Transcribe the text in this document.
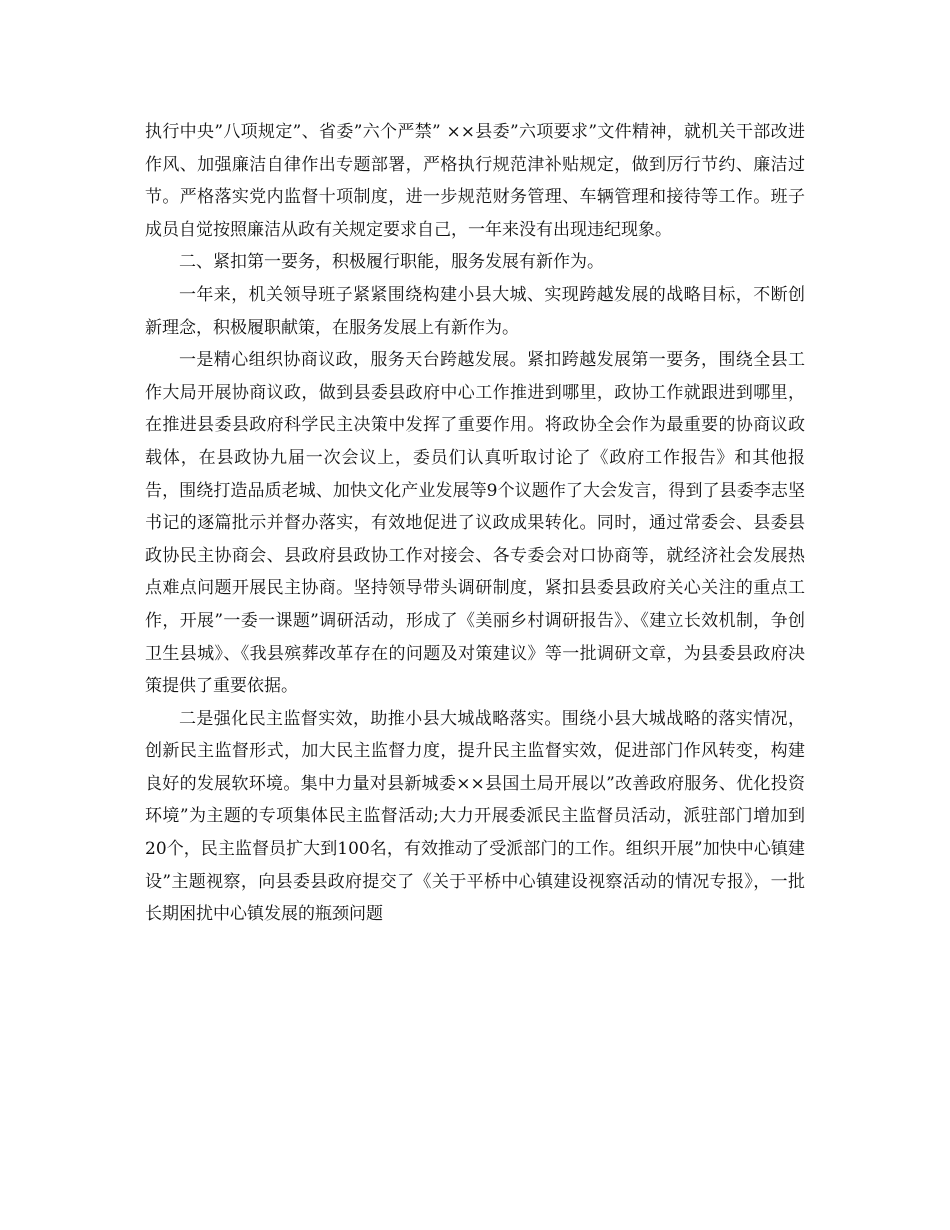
执行中央”八项规定”、省委”六个严禁” ××县委”六项要求”文件精神，就机关干部改进作风、加强廉洁自律作出专题部署，严格执行规范津补贴规定，做到厉行节约、廉洁过节。严格落实党内监督十项制度，进一步规范财务管理、车辆管理和接待等工作。班子成员自觉按照廉洁从政有关规定要求自己，一年来没有出现违纪现象。

二、紧扣第一要务，积极履行职能，服务发展有新作为。

一年来，机关领导班子紧紧围绕构建小县大城、实现跨越发展的战略目标，不断创新理念，积极履职献策，在服务发展上有新作为。

一是精心组织协商议政，服务天台跨越发展。紧扣跨越发展第一要务，围绕全县工作大局开展协商议政，做到县委县政府中心工作推进到哪里，政协工作就跟进到哪里，在推进县委县政府科学民主决策中发挥了重要作用。将政协全会作为最重要的协商议政载体，在县政协九届一次会议上，委员们认真听取讨论了《政府工作报告》和其他报告，围绕打造品质老城、加快文化产业发展等9个议题作了大会发言，得到了县委李志坚书记的逐篇批示并督办落实，有效地促进了议政成果转化。同时，通过常委会、县委县政协民主协商会、县政府县政协工作对接会、各专委会对口协商等，就经济社会发展热点难点问题开展民主协商。坚持领导带头调研制度，紧扣县委县政府关心关注的重点工作，开展”一委一课题”调研活动，形成了《美丽乡村调研报告》、《建立长效机制，争创卫生县城》、《我县殡葬改革存在的问题及对策建议》等一批调研文章，为县委县政府决策提供了重要依据。

二是强化民主监督实效，助推小县大城战略落实。围绕小县大城战略的落实情况，创新民主监督形式，加大民主监督力度，提升民主监督实效，促进部门作风转变，构建良好的发展软环境。集中力量对县新城委××县国土局开展以”改善政府服务、优化投资环境”为主题的专项集体民主监督活动;大力开展委派民主监督员活动，派驻部门增加到20个，民主监督员扩大到100名，有效推动了受派部门的工作。组织开展”加快中心镇建设”主题视察，向县委县政府提交了《关于平桥中心镇建设视察活动的情况专报》，一批长期困扰中心镇发展的瓶颈问题
